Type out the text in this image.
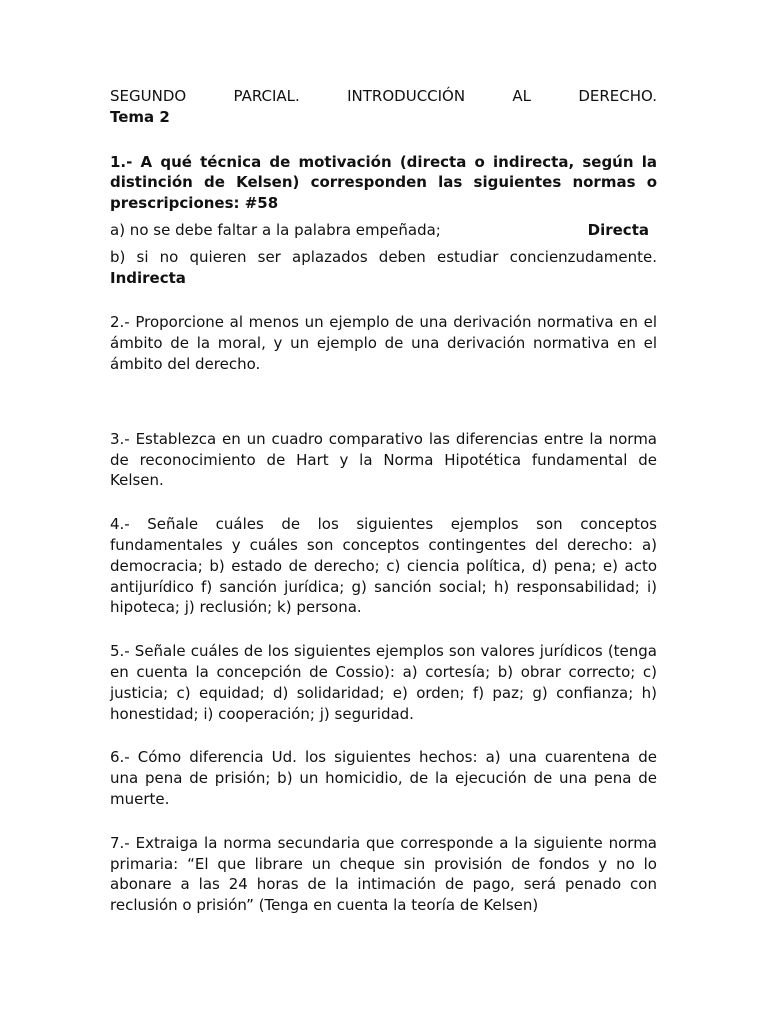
SEGUNDO	PARCIAL.	INTRODUCCIÓN	AL	DERECHO.
Tema 2

1.- A qué técnica de motivación (directa o indirecta, según la distinción de Kelsen) corresponden las siguientes normas o prescripciones: #58

a) no se debe faltar a la palabra empeñada;	Directa
b) si no quieren ser aplazados deben estudiar concienzudamente.
Indirecta

2.- Proporcione al menos un ejemplo de una derivación normativa en el ámbito de la moral, y un ejemplo de una derivación normativa en el ámbito del derecho.

3.- Establezca en un cuadro comparativo las diferencias entre la norma de reconocimiento de Hart y la Norma Hipotética fundamental de Kelsen.

4.- Señale cuáles de los siguientes ejemplos son conceptos fundamentales y cuáles son conceptos contingentes del derecho: a) democracia; b) estado de derecho; c) ciencia política, d) pena; e) acto antijurídico f) sanción jurídica; g) sanción social; h) responsabilidad; i) hipoteca; j) reclusión; k) persona.

5.- Señale cuáles de los siguientes ejemplos son valores jurídicos (tenga en cuenta la concepción de Cossio): a) cortesía; b) obrar correcto; c) justicia; c) equidad; d) solidaridad; e) orden; f) paz; g) confianza; h) honestidad; i) cooperación; j) seguridad.

6.- Cómo diferencia Ud. los siguientes hechos: a) una cuarentena de una pena de prisión; b) un homicidio, de la ejecución de una pena de muerte.

7.- Extraiga la norma secundaria que corresponde a la siguiente norma primaria: “El que librare un cheque sin provisión de fondos y no lo abonare a las 24 horas de la intimación de pago, será penado con reclusión o prisión” (Tenga en cuenta la teoría de Kelsen)
